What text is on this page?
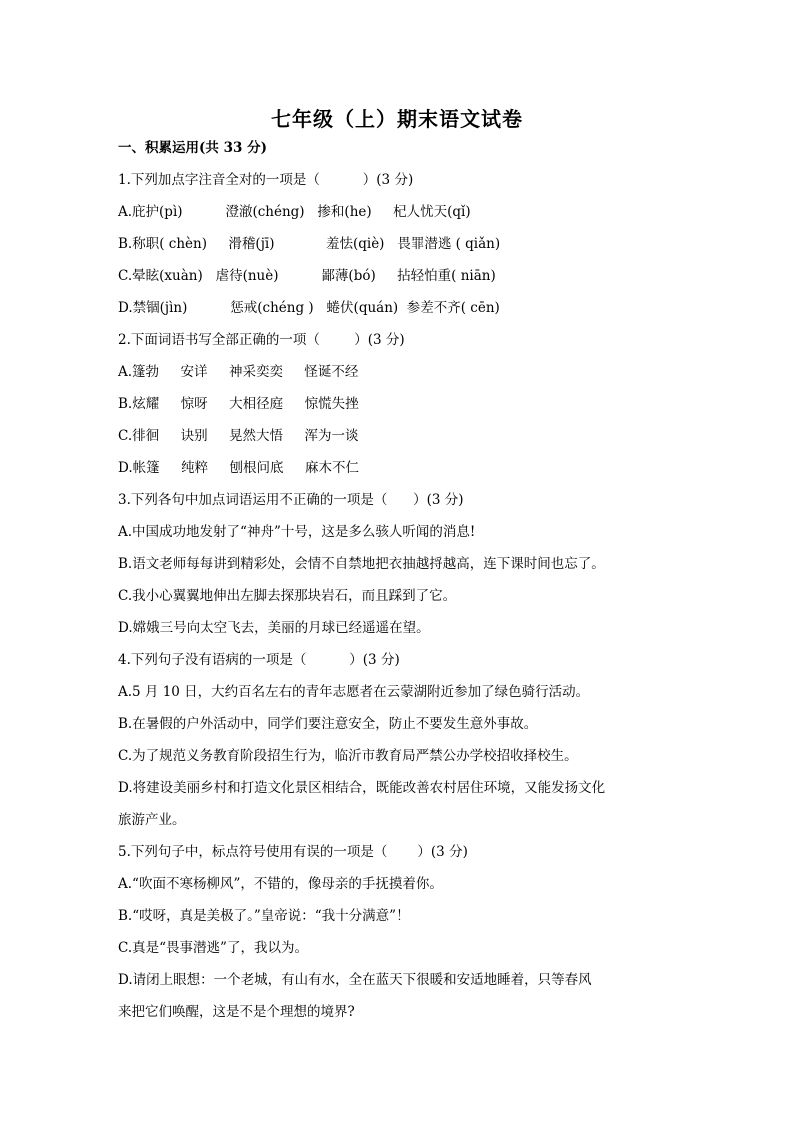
七年级（上）期末语文试卷
一、积累运用(共 33 分)
1.下列加点字注音全对的一项是（          ）(3 分)
A.庇护(pì)          澄澈(chéng)   掺和(he)     杞人忧天(qǐ)
B.称职( chèn)     滑稽(jī)            羞怯(qiè)   畏罪潜逃 ( qiǎn)
C.晕眩(xuàn)   虐待(nuè)          鄙薄(bó)     拈轻怕重( niān)
D.禁锢(jìn)          惩戒(chéng )   蜷伏(quán)  参差不齐( cēn)
2.下面词语书写全部正确的一项（        ）(3 分)
A.篷勃     安详     神采奕奕     怪诞不经
B.炫耀     惊呀     大相径庭     惊慌失挫
C.徘徊     诀别     晃然大悟     浑为一谈
D.帐篷     纯粹     刨根问底     麻木不仁
3.下列各句中加点词语运用不正确的一项是（      ）(3 分)
A.中国成功地发射了“神舟”十号，这是多么骇人听闻的消息!
B.语文老师每每讲到精彩处，会情不自禁地把衣抽越捋越高，连下课时间也忘了。
C.我小心翼翼地伸出左脚去探那块岩石，而且踩到了它。
D.嫦娥三号向太空飞去，美丽的月球已经遥遥在望。
4.下列句子没有语病的一项是（          ）(3 分)
A.5 月 10 日，大约百名左右的青年志愿者在云蒙湖附近参加了绿色骑行活动。
B.在暑假的户外活动中，同学们要注意安全，防止不要发生意外事故。
C.为了规范义务教育阶段招生行为，临沂市教育局严禁公办学校招收择校生。
D.将建设美丽乡村和打造文化景区相结合，既能改善农村居住环境，又能发扬文化
旅游产业。
5.下列句子中，标点符号使用有误的一项是（       ）(3 分)
A.“吹面不寒杨柳风”，不错的，像母亲的手抚摸着你。
B.“哎呀，真是美极了。”皇帝说：“我十分满意”！
C.真是“畏事潜逃”了，我以为。
D.请闭上眼想：一个老城，有山有水，全在蓝天下很暖和安适地睡着，只等春风
来把它们唤醒，这是不是个理想的境界?
